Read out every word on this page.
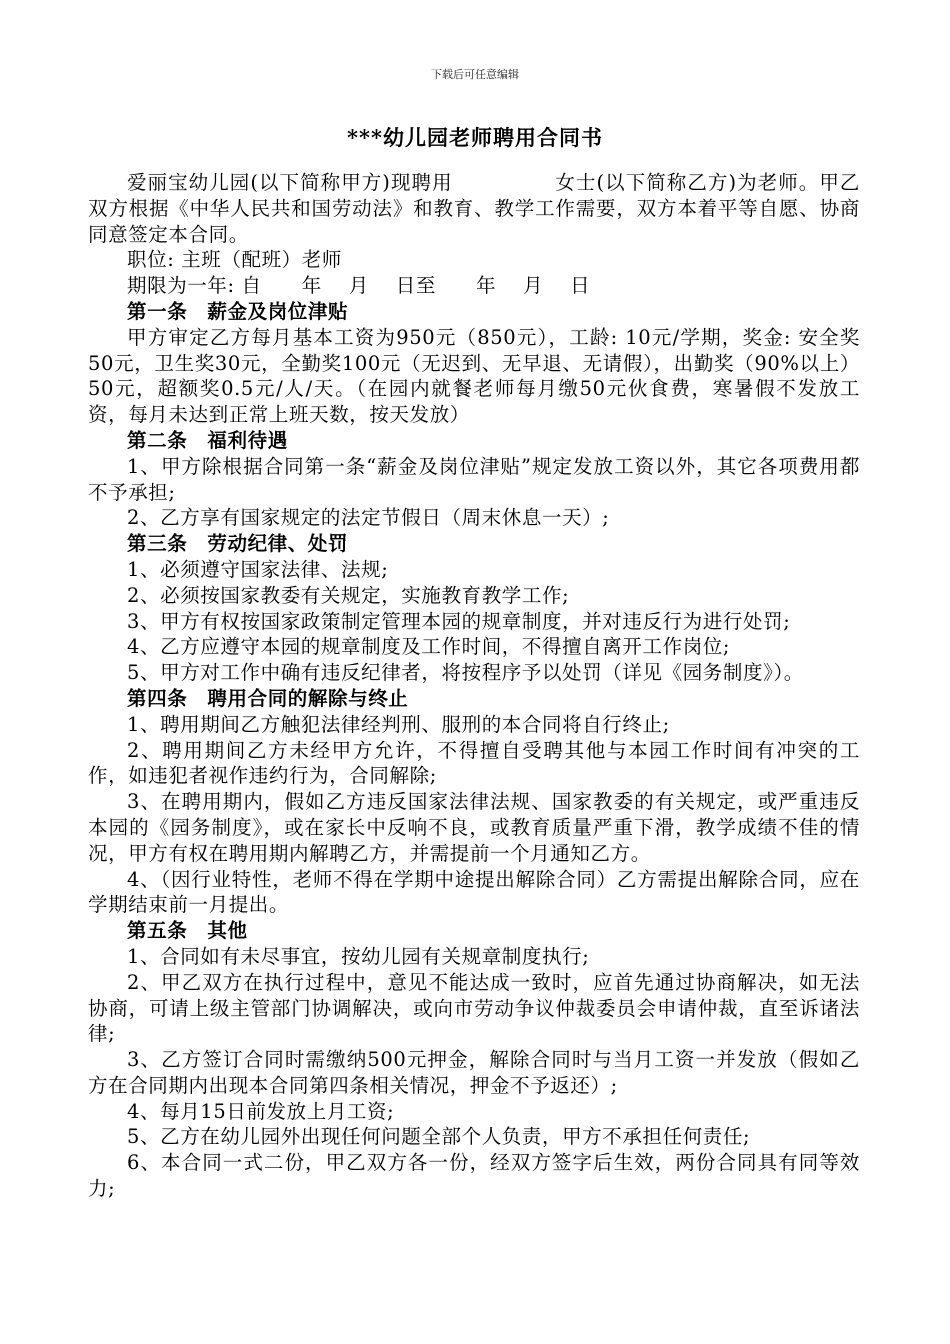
下载后可任意编辑
***幼儿园老师聘用合同书

爱丽宝幼儿园(以下简称甲方)现聘用　　　　　女士(以下简称乙方)为老师。甲乙双方根据《中华人民共和国劳动法》和教育、教学工作需要，双方本着平等自愿、协商同意签定本合同。

职位: 主班（配班）老师

期限为一年: 自　　年　 月　 日至　　年　 月　 日

第一条　薪金及岗位津贴

甲方审定乙方每月基本工资为950元（850元），工龄: 10元/学期，奖金: 安全奖50元，卫生奖30元，全勤奖100元（无迟到、无早退、无请假），出勤奖（90%以上）50元，超额奖0.5元/人/天。（在园内就餐老师每月缴50元伙食费，寒暑假不发放工资，每月未达到正常上班天数，按天发放）

第二条　福利待遇

1、甲方除根据合同第一条“薪金及岗位津贴”规定发放工资以外，其它各项费用都不予承担;

2、乙方享有国家规定的法定节假日（周末休息一天）;

第三条　劳动纪律、处罚

1、必须遵守国家法律、法规;

2、必须按国家教委有关规定，实施教育教学工作;

3、甲方有权按国家政策制定管理本园的规章制度，并对违反行为进行处罚;

4、乙方应遵守本园的规章制度及工作时间，不得擅自离开工作岗位;

5、甲方对工作中确有违反纪律者，将按程序予以处罚（详见《园务制度》）。

第四条　聘用合同的解除与终止

1、聘用期间乙方触犯法律经判刑、服刑的本合同将自行终止;

2、聘用期间乙方未经甲方允许，不得擅自受聘其他与本园工作时间有冲突的工作，如违犯者视作违约行为，合同解除;

3、在聘用期内，假如乙方违反国家法律法规、国家教委的有关规定，或严重违反本园的《园务制度》，或在家长中反响不良，或教育质量严重下滑，教学成绩不佳的情况，甲方有权在聘用期内解聘乙方，并需提前一个月通知乙方。

4、（因行业特性，老师不得在学期中途提出解除合同）乙方需提出解除合同，应在学期结束前一月提出。

第五条　其他

1、合同如有未尽事宜，按幼儿园有关规章制度执行;

2、甲乙双方在执行过程中，意见不能达成一致时，应首先通过协商解决，如无法协商，可请上级主管部门协调解决，或向市劳动争议仲裁委员会申请仲裁，直至诉诸法律;

3、乙方签订合同时需缴纳500元押金，解除合同时与当月工资一并发放（假如乙方在合同期内出现本合同第四条相关情况，押金不予返还）;

4、每月15日前发放上月工资;

5、乙方在幼儿园外出现任何问题全部个人负责，甲方不承担任何责任;

6、本合同一式二份，甲乙双方各一份，经双方签字后生效，两份合同具有同等效力;
